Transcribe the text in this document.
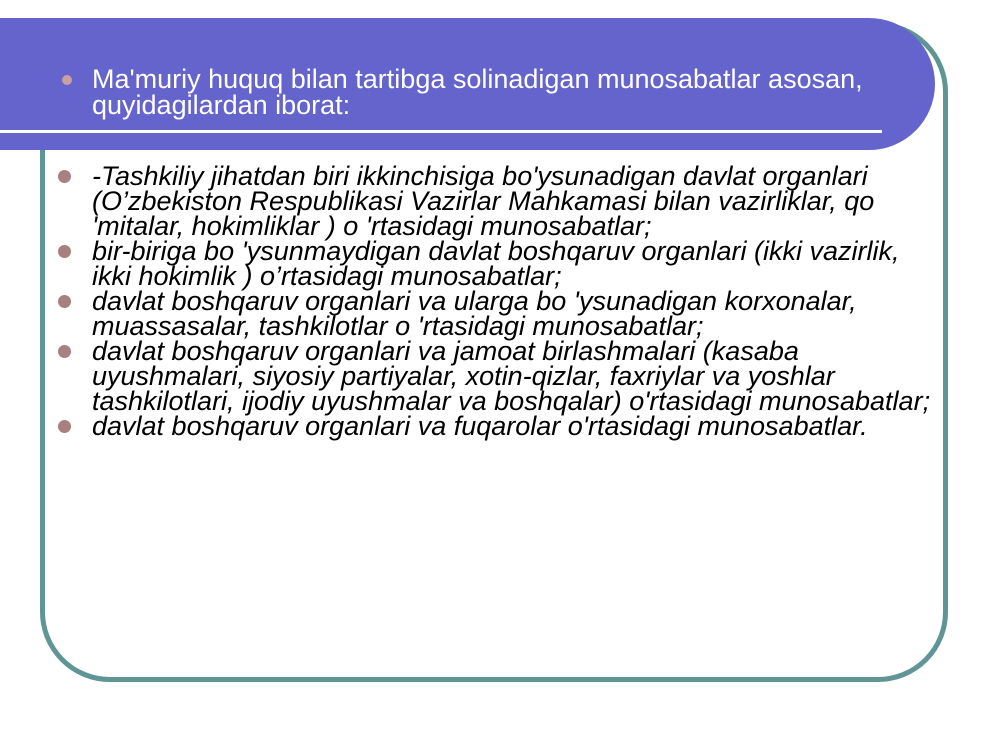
Ma'muriy huquq bilan tartibga solinadigan munosabatlar asosan, quyidagilardan iborat:
-Tashkiliy jihatdan biri ikkinchisiga bo'ysunadigan davlat organlari (O’zbekiston Respublikasi Vazirlar Mahkamasi bilan vazirliklar, qo 'mitalar, hokimliklar ) o 'rtasidagi munosabatlar;
bir-biriga bo 'ysunmaydigan davlat boshqaruv organlari (ikki vazirlik, ikki hokimlik ) o’rtasidagi munosabatlar;
davlat boshqaruv organlari va ularga bo 'ysunadigan korxonalar, muassasalar, tashkilotlar o 'rtasidagi munosabatlar;
davlat boshqaruv organlari va jamoat birlashmalari (kasaba uyushmalari, siyosiy partiyalar, xotin-qizlar, faxriylar va yoshlar tashkilotlari, ijodiy uyushmalar va boshqalar) o'rtasidagi munosabatlar;
davlat boshqaruv organlari va fuqarolar o'rtasidagi munosabatlar.
